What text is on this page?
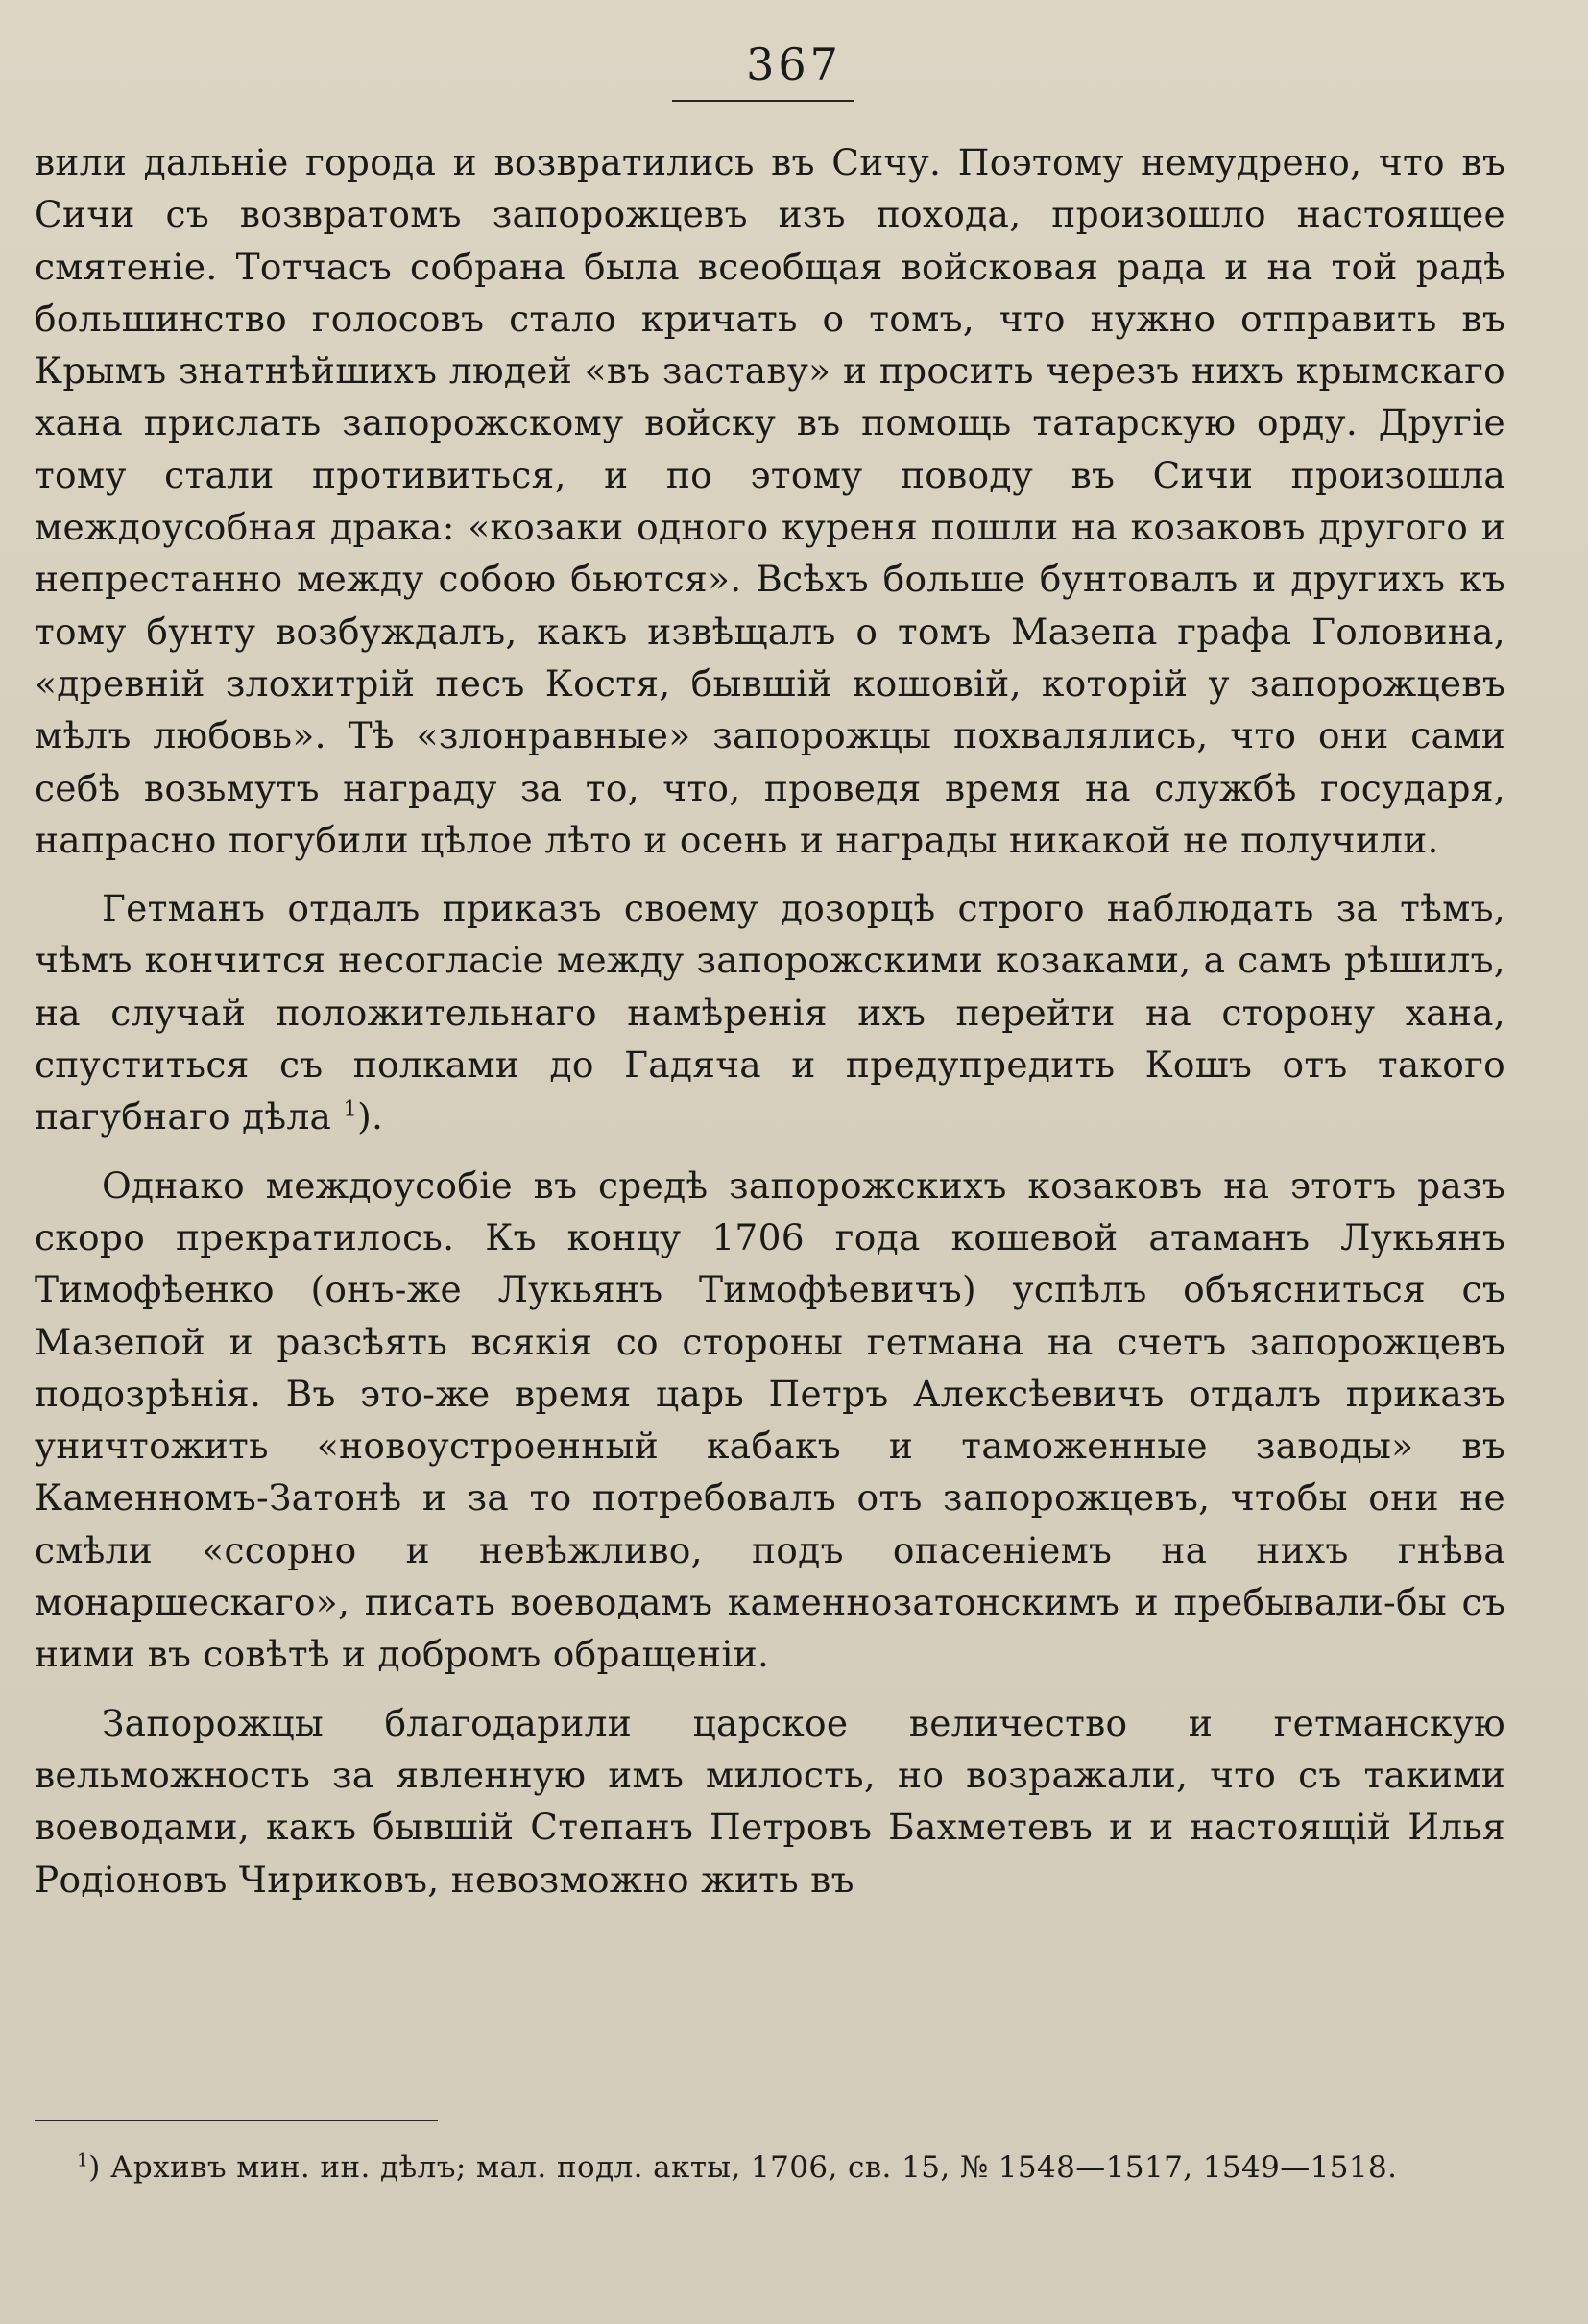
367

вили дальніе города и возвратились въ Сичу. Поэтому немудрено, что въ Сичи съ возвратомъ запорожцевъ изъ похода, произошло настоящее смятеніе. Тотчасъ собрана была всеобщая войсковая рада и на той радѣ большинство голосовъ стало кричать о томъ, что нужно отправить въ Крымъ знатнѣйшихъ людей «въ заставу» и просить черезъ нихъ крымскаго хана прислать запорожскому войску въ помощь татарскую орду. Другіе тому стали противиться, и по этому поводу въ Сичи произошла междоусобная драка: «козаки одного куреня пошли на козаковъ другого и непрестанно между собою бьются». Всѣхъ больше бунтовалъ и другихъ къ тому бунту возбуждалъ, какъ извѣщалъ о томъ Мазепа графа Головина, «древній злохитрій песъ Костя, бывшій кошовій, которій у запорожцевъ мѣлъ любовь». Тѣ «злонравные» запорожцы похвалялись, что они сами себѣ возьмутъ награду за то, что, проведя время на службѣ государя, напрасно погубили цѣлое лѣто и осень и награды никакой не получили.

Гетманъ отдалъ приказъ своему дозорцѣ строго наблюдать за тѣмъ, чѣмъ кончится несогласіе между запорожскими козаками, а самъ рѣшилъ, на случай положительнаго намѣренія ихъ перейти на сторону хана, спуститься съ полками до Гадяча и предупредить Кошъ отъ такого пагубнаго дѣла $^1$).

Однако междоусобіе въ средѣ запорожскихъ козаковъ на этотъ разъ скоро прекратилось. Къ концу 1706 года кошевой атаманъ Лукьянъ Тимофѣенко (онъ-же Лукьянъ Тимофѣевичъ) успѣлъ объясниться съ Мазепой и разсѣять всякія со стороны гетмана на счетъ запорожцевъ подозрѣнія. Въ это-же время царь Петръ Алексѣевичъ отдалъ приказъ уничтожить «новоустроенный кабакъ и таможенные заводы» въ Каменномъ-Затонѣ и за то потребовалъ отъ запорожцевъ, чтобы они не смѣли «ссорно и невѣжливо, подъ опасеніемъ на нихъ гнѣва монаршескаго», писать воеводамъ каменнозатонскимъ и пребывали-бы съ ними въ совѣтѣ и добромъ обращеніи.

Запорожцы благодарили царское величество и гетманскую вельможность за явленную имъ милость, но возражали, что съ такими воеводами, какъ бывшій Степанъ Петровъ Бахметевъ и и настоящій Илья Родіоновъ Чириковъ, невозможно жить въ

$^1$) Архивъ мин. ин. дѣлъ; мал. подл. акты, 1706, св. 15, № 1548—1517, 1549—1518.
